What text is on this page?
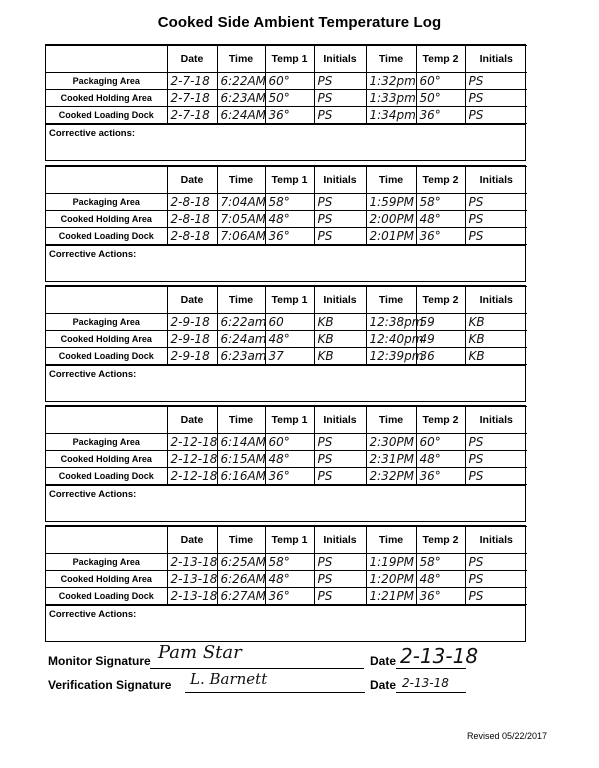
Cooked Side Ambient Temperature Log
	Date	Time	Temp 1	Initials	Time	Temp 2	Initials
Packaging Area	2-7-18	6:22AM	60°	PS	1:32pm	60°	PS
Cooked Holding Area	2-7-18	6:23AM	50°	PS	1:33pm	50°	PS
Cooked Loading Dock	2-7-18	6:24AM	36°	PS	1:34pm	36°	PS
Corrective actions:
	Date	Time	Temp 1	Initials	Time	Temp 2	Initials
Packaging Area	2-8-18	7:04AM	58°	PS	1:59PM	58°	PS
Cooked Holding Area	2-8-18	7:05AM	48°	PS	2:00PM	48°	PS
Cooked Loading Dock	2-8-18	7:06AM	36°	PS	2:01PM	36°	PS
Corrective Actions:
	Date	Time	Temp 1	Initials	Time	Temp 2	Initials
Packaging Area	2-9-18	6:22am	60	KB	12:38pm	59	KB
Cooked Holding Area	2-9-18	6:24am	48°	KB	12:40pm	49	KB
Cooked Loading Dock	2-9-18	6:23am	37	KB	12:39pm	36	KB
Corrective Actions:
	Date	Time	Temp 1	Initials	Time	Temp 2	Initials
Packaging Area	2-12-18	6:14AM	60°	PS	2:30PM	60°	PS
Cooked Holding Area	2-12-18	6:15AM	48°	PS	2:31PM	48°	PS
Cooked Loading Dock	2-12-18	6:16AM	36°	PS	2:32PM	36°	PS
Corrective Actions:
	Date	Time	Temp 1	Initials	Time	Temp 2	Initials
Packaging Area	2-13-18	6:25AM	58°	PS	1:19PM	58°	PS
Cooked Holding Area	2-13-18	6:26AM	48°	PS	1:20PM	48°	PS
Cooked Loading Dock	2-13-18	6:27AM	36°	PS	1:21PM	36°	PS
Corrective Actions:
Monitor Signature Pam Star	Date 2-13-18
Verification Signature L. Barnett	Date 2-13-18
Revised 05/22/2017
